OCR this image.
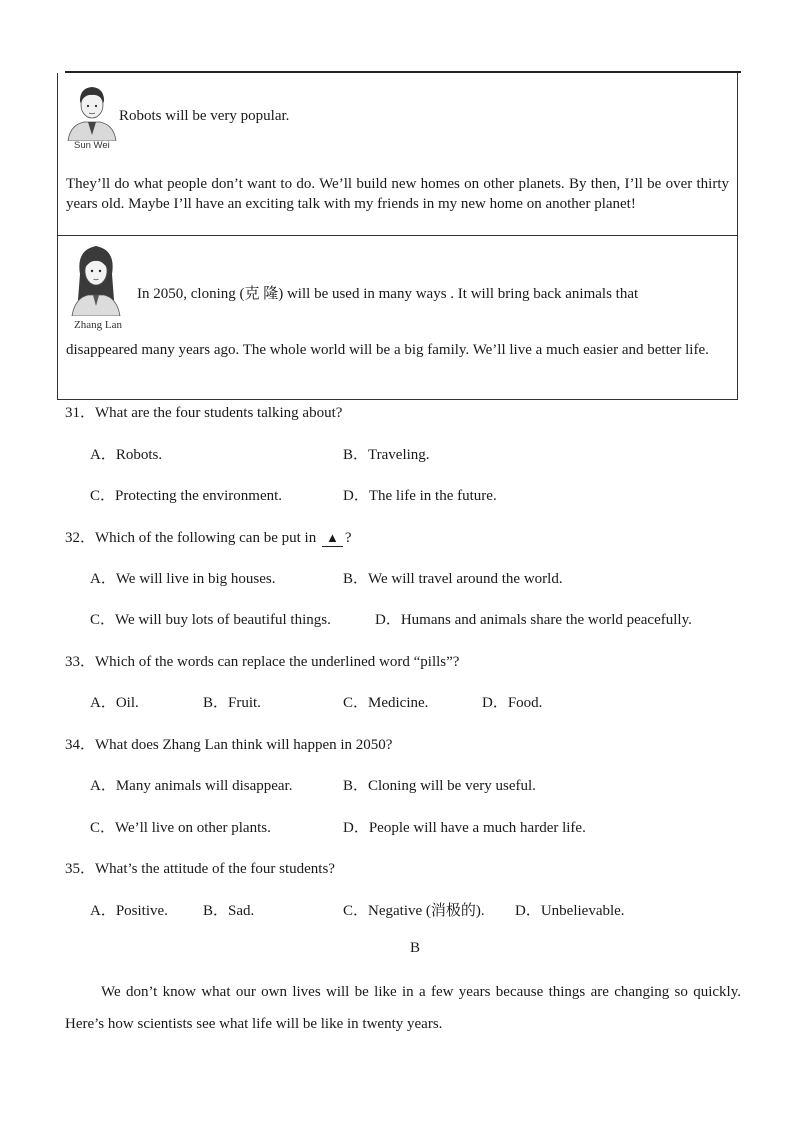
Sun Wei
Robots will be very popular.
They’ll do what people don’t want to do. We’ll build new homes on other planets. By then, I’ll be over thirty years old. Maybe I’ll have an exciting talk with my friends in my new home on another planet!
Zhang Lan
In 2050, cloning (克 隆) will be used in many ways . It will bring back animals that
disappeared many years ago. The whole world will be a big family. We’ll live a much easier and better life.
31．What are the four students talking about?
A．Robots.	B．Traveling.
C．Protecting the environment.	D．The life in the future.
32．Which of the following can be put in ▲ ?
A．We will live in big houses.	B．We will travel around the world.
C．We will buy lots of beautiful things.	D．Humans and animals share the world peacefully.
33．Which of the words can replace the underlined word “pills”?
A．Oil.	B．Fruit.	C．Medicine.	D．Food.
34．What does Zhang Lan think will happen in 2050?
A．Many animals will disappear.	B．Cloning will be very useful.
C．We’ll live on other plants.	D．People will have a much harder life.
35．What’s the attitude of the four students?
A．Positive. B．Sad.	C．Negative (消极的). D．Unbelievable.
B
We don’t know what our own lives will be like in a few years because things are changing so quickly. Here’s how scientists see what life will be like in twenty years.
